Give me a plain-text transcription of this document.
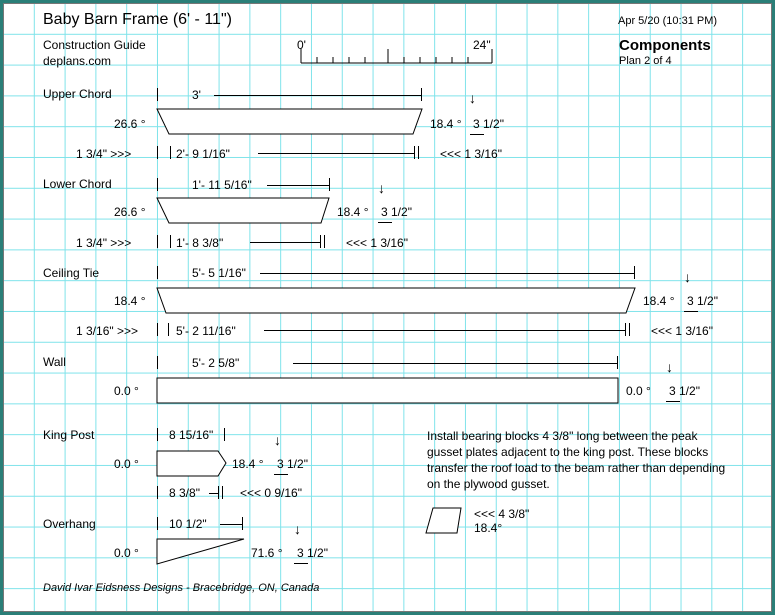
Baby Barn Frame (6' - 11")
Construction Guide
deplans.com
Apr 5/20 (10:31 PM)
Components
Plan 2 of 4
0'	24"
Upper Chord	3'
26.6 °	18.4 °
↓
3 1/2"
1 3/4" >>>	2'- 9 1/16"	<<< 1 3/16"
Lower Chord	1'- 11 5/16"
26.6 °	18.4 °
↓
3 1/2"
1 3/4" >>>	1'- 8 3/8"	<<< 1 3/16"
Ceiling Tie	5'- 5 1/16"
18.4 °	18.4 °
↓
3 1/2"
1 3/16" >>>	5'- 2 11/16"	<<< 1 3/16"
Wall	5'- 2 5/8"
0.0 °	0.0 °
↓
3 1/2"
King Post	8 15/16"
0.0 °	18.4 °
↓
3 1/2"
8 3/8"	<<< 0 9/16"
Install bearing blocks 4 3/8" long between the peak gusset plates adjacent to the king post. These blocks transfer the roof load to the beam rather than depending on the plywood gusset.
<<< 4 3/8"
18.4°
Overhang	10 1/2"
0.0 °	71.6 °
↓
3 1/2"
David Ivar Eidsness Designs - Bracebridge, ON, Canada
